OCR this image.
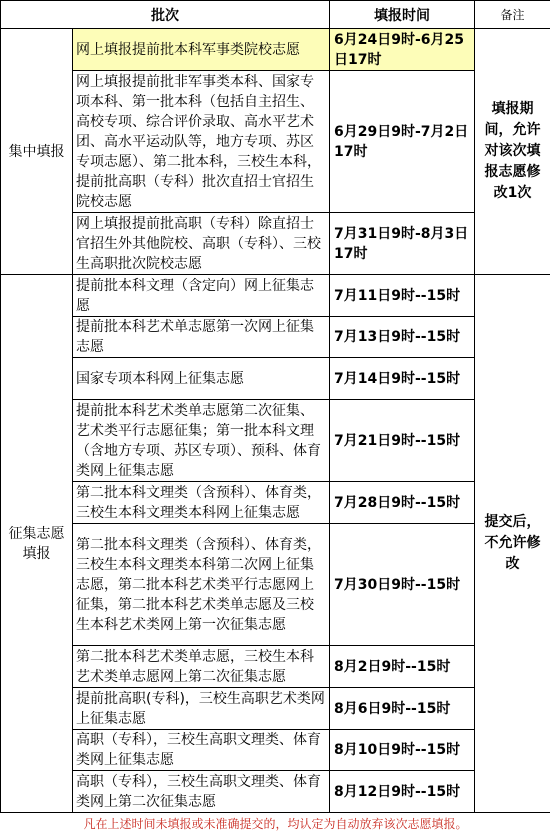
批次		填报时间	备注
集中填报	网上填报提前批本科军事类院校志愿	6月24日9时-6月25日17时	填报期间，允许对该次填报志愿修改1次
	网上填报提前批非军事类本科、国家专项本科、第一批本科（包括自主招生、高校专项、综合评价录取、高水平艺术团、高水平运动队等，地方专项、苏区专项志愿）、第二批本科，三校生本科，提前批高职（专科）批次直招士官招生院校志愿	6月29日9时-7月2日17时	
	网上填报提前批高职（专科）除直招士官招生外其他院校、高职（专科）、三校生高职批次院校志愿	7月31日9时-8月3日17时	
征集志愿填报	提前批本科文理（含定向）网上征集志愿	7月11日9时--15时	提交后，不允许修改
	提前批本科艺术单志愿第一次网上征集志愿	7月13日9时--15时	
	国家专项本科网上征集志愿	7月14日9时--15时	
	提前批本科艺术类单志愿第二次征集、艺术类平行志愿征集；第一批本科文理（含地方专项、苏区专项）、预科、体育类网上征集志愿	7月21日9时--15时	
	第二批本科文理类（含预科）、体育类，三校生本科文理类本科网上征集志愿	7月28日9时--15时	
	第二批本科文理类（含预科）、体育类，三校生本科文理类本科第二次网上征集志愿，第二批本科艺术类平行志愿网上征集，第二批本科艺术类单志愿及三校生本科艺术类网上第一次征集志愿	7月30日9时--15时	
	第二批本科艺术类单志愿，三校生本科艺术类单志愿网上第二次征集志愿	8月2日9时--15时	
	提前批高职(专科)，三校生高职艺术类网上征集志愿	8月6日9时--15时	
	高职（专科），三校生高职文理类、体育类网上征集志愿	8月10日9时--15时	
	高职（专科），三校生高职文理类、体育类网上第二次征集志愿	8月12日9时--15时	
凡在上述时间未填报或未准确提交的，均认定为自动放弃该次志愿填报。			
